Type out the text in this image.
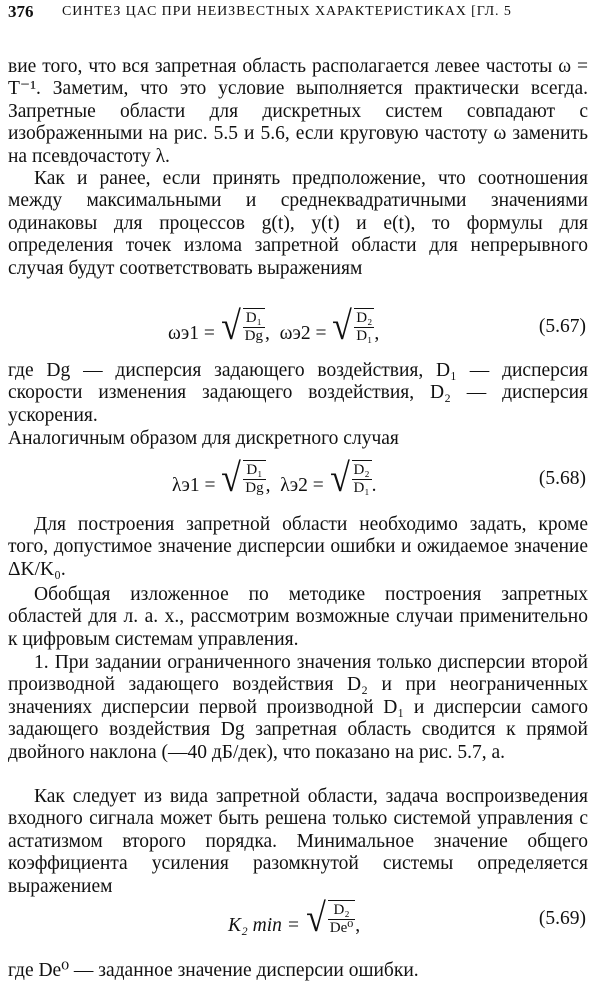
376 СИНТЕЗ ЦАС ПРИ НЕИЗВЕСТНЫХ ХАРАКТЕРИСТИКАХ [ГЛ. 5

вие того, что вся запретная область располагается левее частоты ω = T⁻¹. Заметим, что это условие выполняется практически всегда. Запретные области для дискретных систем совпадают с изображенными на рис. 5.5 и 5.6, если круговую частоту ω заменить на псевдочастоту λ.

Как и ранее, если принять предположение, что соотношения между максимальными и среднеквадратичными значениями одинаковы для процессов g(t), y(t) и e(t), то формулы для определения точек излома запретной области для непрерывного случая будут соответствовать выражениям

ωэ1 = √ $\frac{\text{D₁}}{Dg}$ ,  ωэ2 = √ $\frac{\text{D₂}}{\text{D₁}}$ ,	(5.67)

где Dg — дисперсия задающего воздействия, D₁ — дисперсия скорости изменения задающего воздействия, D₂ — дисперсия ускорения.

Аналогичным образом для дискретного случая

λэ1 = √ $\frac{\text{D₁}}{Dg}$ ,  λэ2 = √ $\frac{\text{D₂}}{\text{D₁}}$ .	(5.68)

Для построения запретной области необходимо задать, кроме того, допустимое значение дисперсии ошибки и ожидаемое значение ΔK/K₀.

Обобщая изложенное по методике построения запретных областей для л. а. х., рассмотрим возможные случаи применительно к цифровым системам управления.

1. При задании ограниченного значения только дисперсии второй производной задающего воздействия D₂ и при неограниченных значениях дисперсии первой производной D₁ и дисперсии самого задающего воздействия Dg запретная область сводится к прямой двойного наклона (—40 дБ/дек), что показано на рис. 5.7, а.

Как следует из вида запретной области, задача воспроизведения входного сигнала может быть решена только системой управления с астатизмом второго порядка. Минимальное значение общего коэффициента усиления разомкнутой системы определяется выражением

K₂ min = √ $\frac{\text{D₂}}{\text{De⁰}}$ ,	(5.69)

где De⁰ — заданное значение дисперсии ошибки.
